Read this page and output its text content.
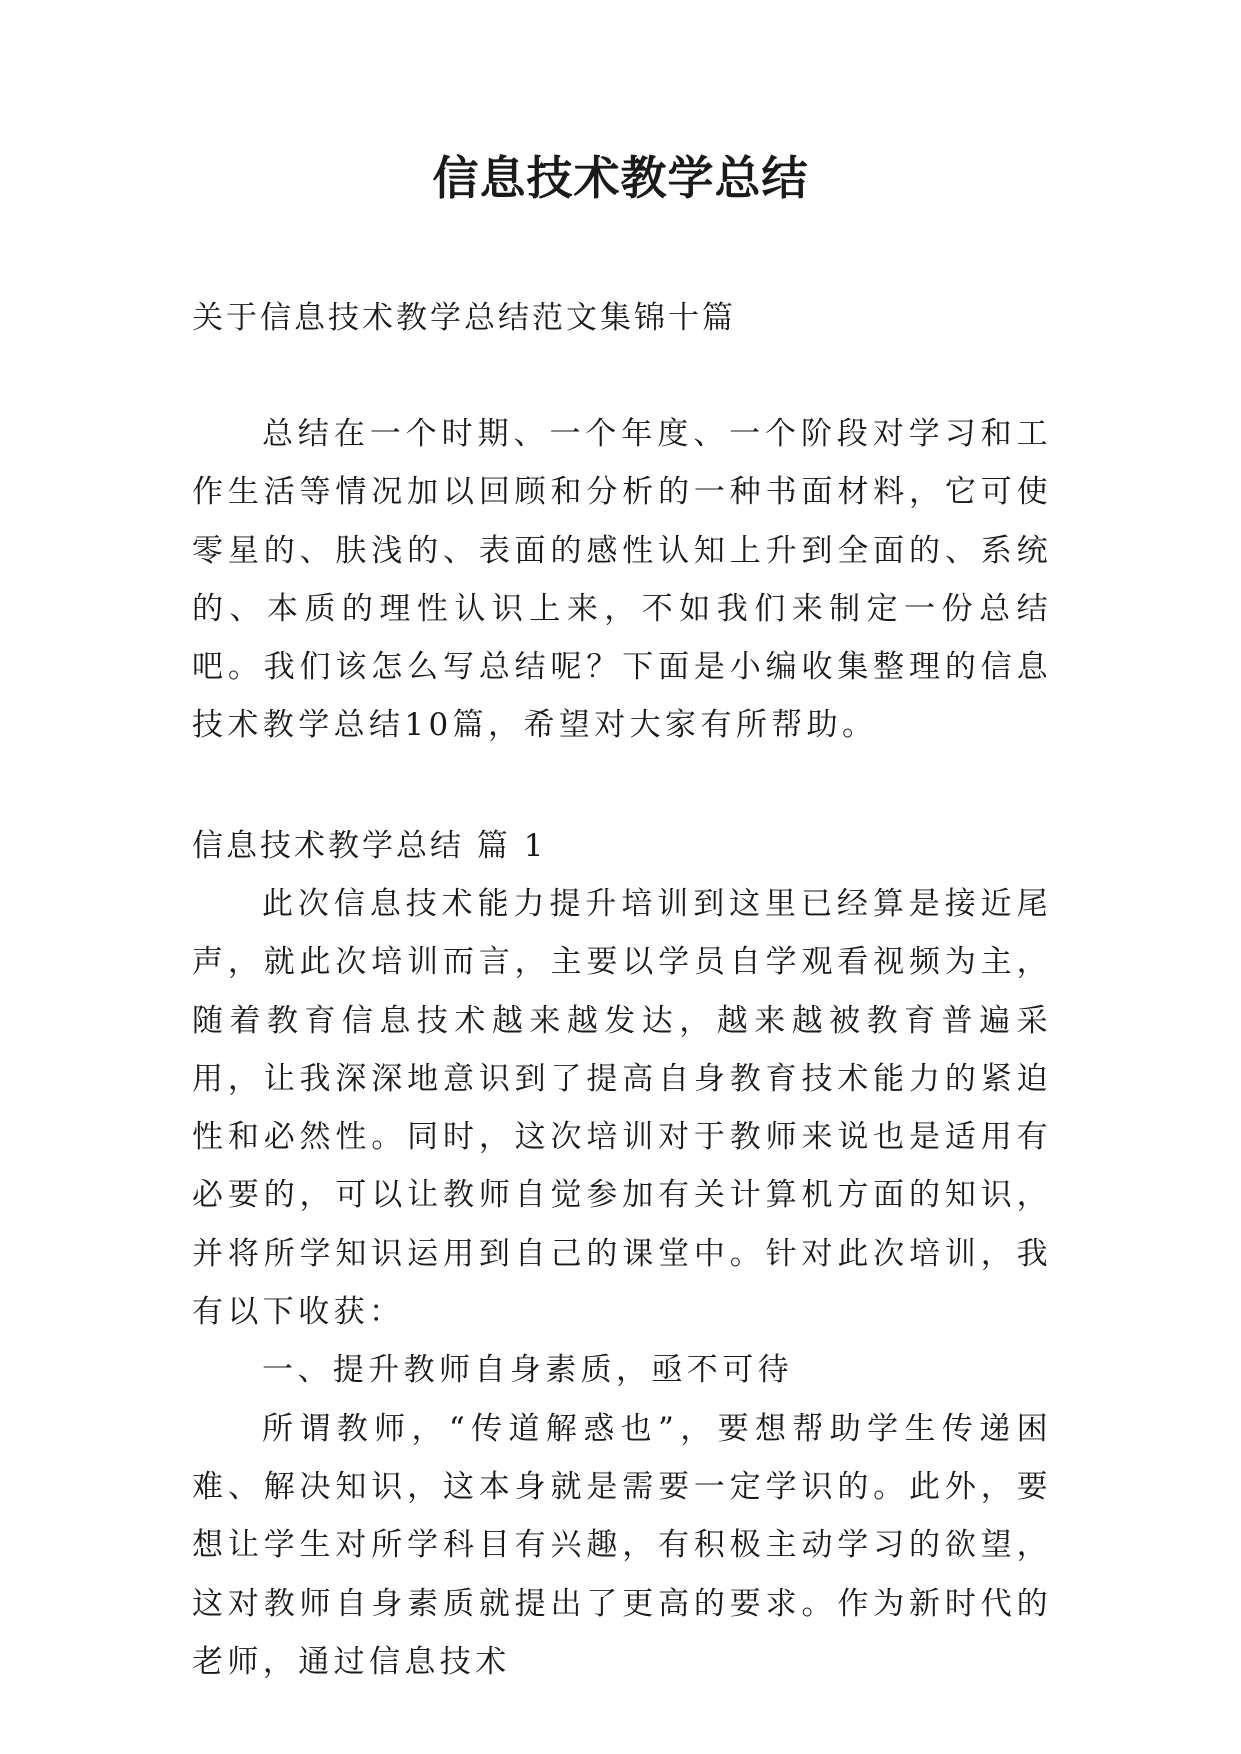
信息技术教学总结

关于信息技术教学总结范文集锦十篇

总结在一个时期、一个年度、一个阶段对学习和工作生活等情况加以回顾和分析的一种书面材料，它可使零星的、肤浅的、表面的感性认知上升到全面的、系统的、本质的理性认识上来，不如我们来制定一份总结吧。我们该怎么写总结呢？下面是小编收集整理的信息技术教学总结10篇，希望对大家有所帮助。

信息技术教学总结 篇 1

此次信息技术能力提升培训到这里已经算是接近尾声，就此次培训而言，主要以学员自学观看视频为主，随着教育信息技术越来越发达，越来越被教育普遍采用，让我深深地意识到了提高自身教育技术能力的紧迫性和必然性。同时，这次培训对于教师来说也是适用有必要的，可以让教师自觉参加有关计算机方面的知识，并将所学知识运用到自己的课堂中。针对此次培训，我有以下收获：

一、提升教师自身素质，亟不可待

所谓教师，“传道解惑也”，要想帮助学生传递困难、解决知识，这本身就是需要一定学识的。此外，要想让学生对所学科目有兴趣，有积极主动学习的欲望，这对教师自身素质就提出了更高的要求。作为新时代的老师，通过信息技术
